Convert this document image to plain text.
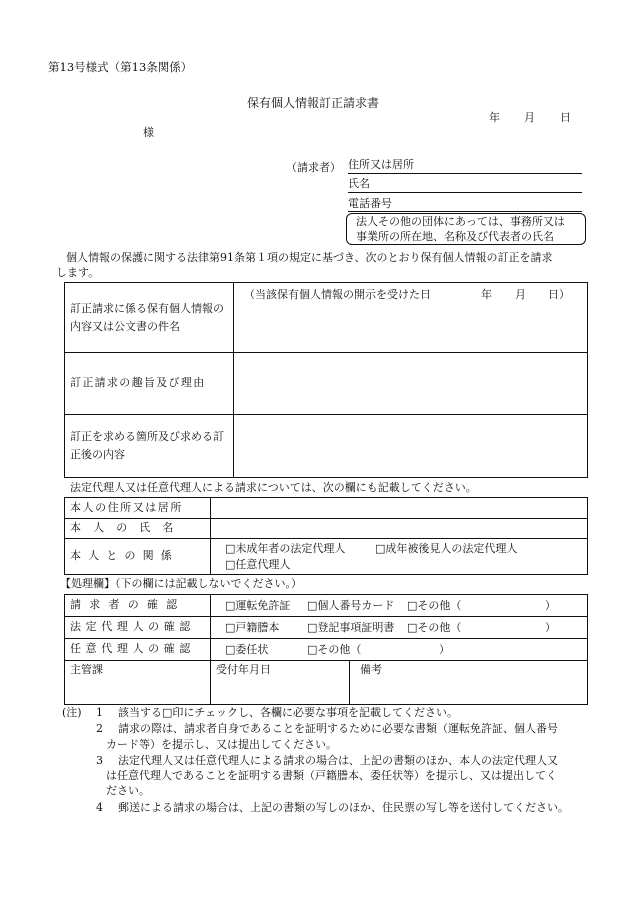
第13号様式（第13条関係）
保有個人情報訂正請求書
年 月 日
様
（請求者） 住所又は居所
氏名
電話番号
法人その他の団体にあっては、事務所又は
事業所の所在地、名称及び代表者の氏名
個人情報の保護に関する法律第91条第１項の規定に基づき、次のとおり保有個人情報の訂正を請求
します。
訂正請求に係る保有個人情報の内容又は公文書の件名	（当該保有個人情報の開示を受けた日 年 月 日）

訂正請求の趣旨及び理由	
訂正を求める箇所及び求める訂正後の内容	
法定代理人又は任意代理人による請求については、次の欄にも記載してください。
本人の住所又は居所	
本人の氏名	
本人との関係	□未成年者の法定代理人 □成年被後見人の法定代理人
□任意代理人
【処理欄】（下の欄には記載しないでください。）
請求者の確認	□運転免許証 □個人番号カード □その他（ ）	

法定代理人の確認	□戸籍謄本 □登記事項証明書 □その他（ ）	

任意代理人の確認	□委任状 □その他（ ）	

主管課	受付年月日	備考
(注) 1 該当する□印にチェックし、各欄に必要な事項を記載してください。
2 請求の際は、請求者自身であることを証明するために必要な書類（運転免許証、個人番号
カード等）を提示し、又は提出してください。
3 法定代理人又は任意代理人による請求の場合は、上記の書類のほか、本人の法定代理人又
は任意代理人であることを証明する書類（戸籍謄本、委任状等）を提示し、又は提出してく
ださい。
4 郵送による請求の場合は、上記の書類の写しのほか、住民票の写し等を送付してください。
